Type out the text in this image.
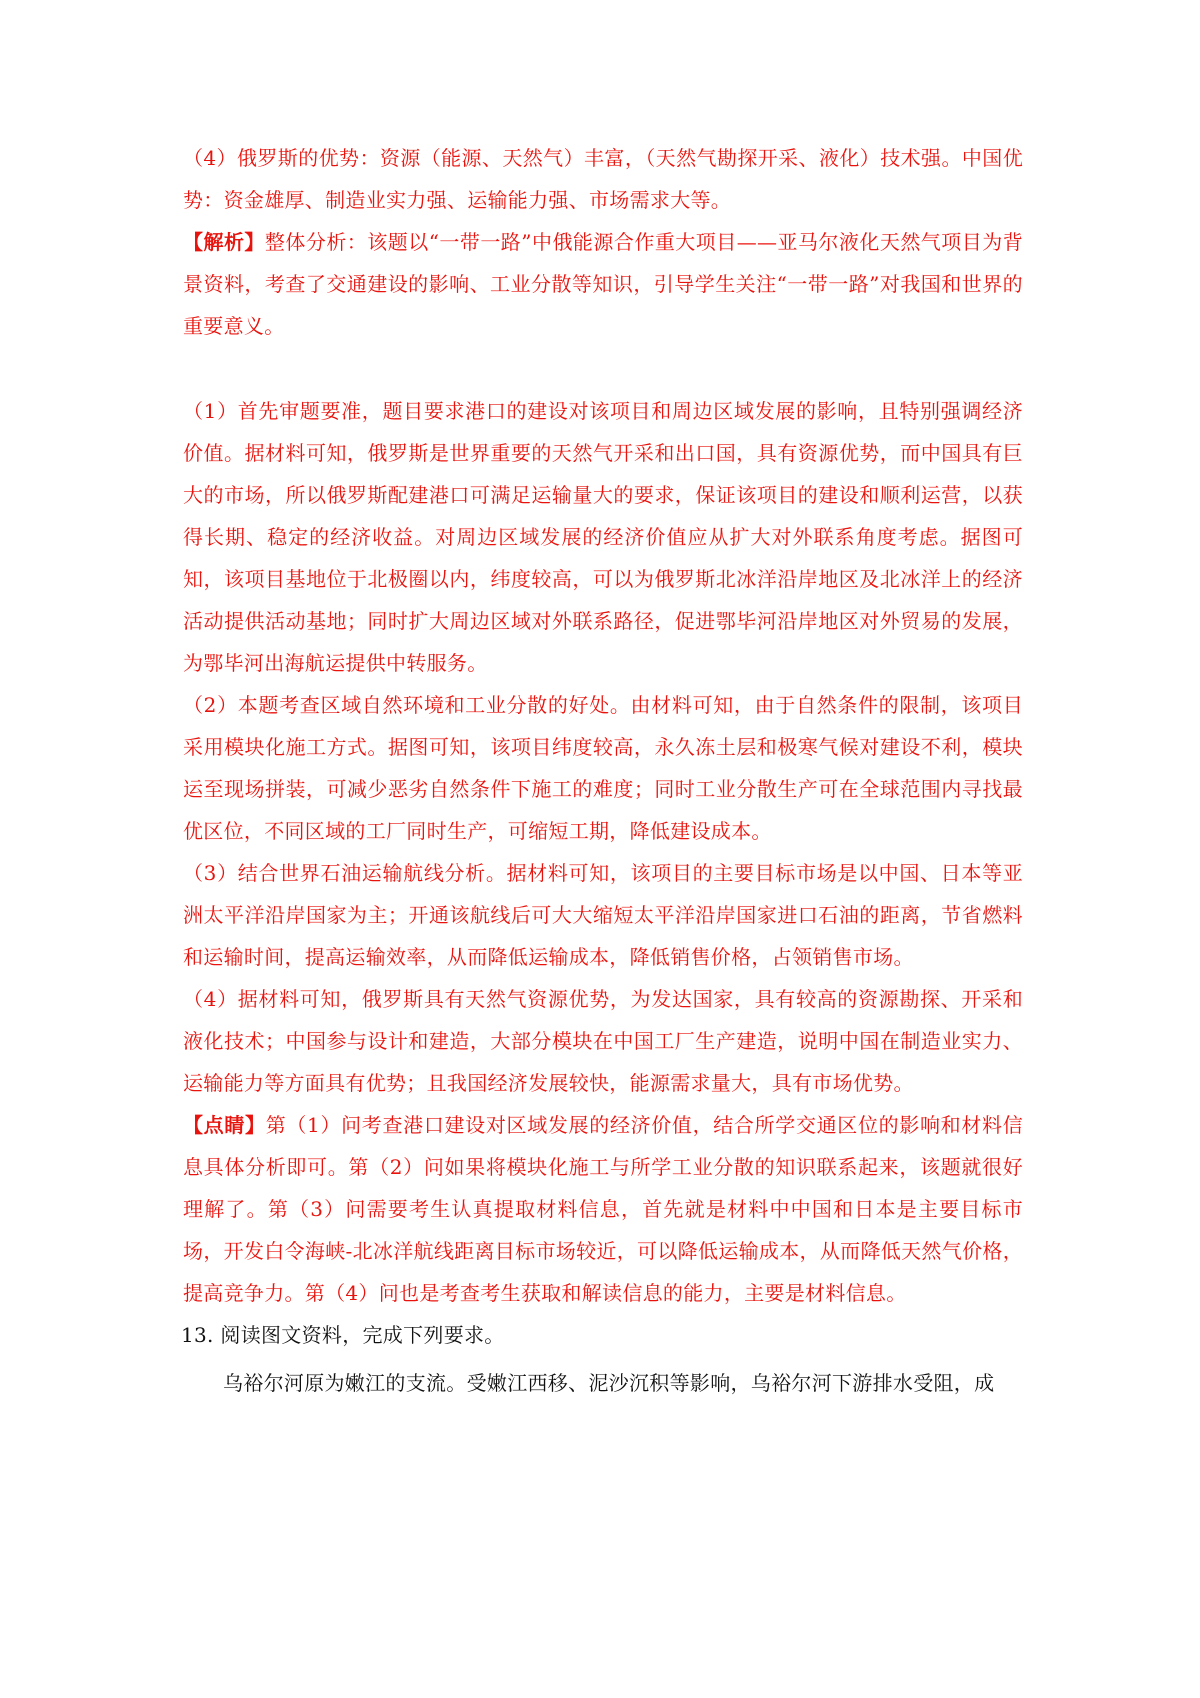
（4）俄罗斯的优势：资源（能源、天然气）丰富，（天然气勘探开采、液化）技术强。中国优势：资金雄厚、制造业实力强、运输能力强、市场需求大等。

【解析】整体分析：该题以“一带一路”中俄能源合作重大项目——亚马尔液化天然气项目为背景资料，考查了交通建设的影响、工业分散等知识，引导学生关注“一带一路”对我国和世界的重要意义。

（1）首先审题要准，题目要求港口的建设对该项目和周边区域发展的影响，且特别强调经济价值。据材料可知，俄罗斯是世界重要的天然气开采和出口国，具有资源优势，而中国具有巨大的市场，所以俄罗斯配建港口可满足运输量大的要求，保证该项目的建设和顺利运营，以获得长期、稳定的经济收益。对周边区域发展的经济价值应从扩大对外联系角度考虑。据图可知，该项目基地位于北极圈以内，纬度较高，可以为俄罗斯北冰洋沿岸地区及北冰洋上的经济活动提供活动基地；同时扩大周边区域对外联系路径，促进鄂毕河沿岸地区对外贸易的发展，为鄂毕河出海航运提供中转服务。

（2）本题考查区域自然环境和工业分散的好处。由材料可知，由于自然条件的限制，该项目采用模块化施工方式。据图可知，该项目纬度较高，永久冻土层和极寒气候对建设不利，模块运至现场拼装，可减少恶劣自然条件下施工的难度；同时工业分散生产可在全球范围内寻找最优区位，不同区域的工厂同时生产，可缩短工期，降低建设成本。

（3）结合世界石油运输航线分析。据材料可知，该项目的主要目标市场是以中国、日本等亚洲太平洋沿岸国家为主；开通该航线后可大大缩短太平洋沿岸国家进口石油的距离，节省燃料和运输时间，提高运输效率，从而降低运输成本，降低销售价格，占领销售市场。

（4）据材料可知，俄罗斯具有天然气资源优势，为发达国家，具有较高的资源勘探、开采和液化技术；中国参与设计和建造，大部分模块在中国工厂生产建造，说明中国在制造业实力、运输能力等方面具有优势；且我国经济发展较快，能源需求量大，具有市场优势。

【点睛】第（1）问考查港口建设对区域发展的经济价值，结合所学交通区位的影响和材料信息具体分析即可。第（2）问如果将模块化施工与所学工业分散的知识联系起来，该题就很好理解了。第（3）问需要考生认真提取材料信息，首先就是材料中中国和日本是主要目标市场，开发白令海峡-北冰洋航线距离目标市场较近，可以降低运输成本，从而降低天然气价格，提高竞争力。第（4）问也是考查考生获取和解读信息的能力，主要是材料信息。

13. 阅读图文资料，完成下列要求。

乌裕尔河原为嫩江的支流。受嫩江西移、泥沙沉积等影响，乌裕尔河下游排水受阻，成
